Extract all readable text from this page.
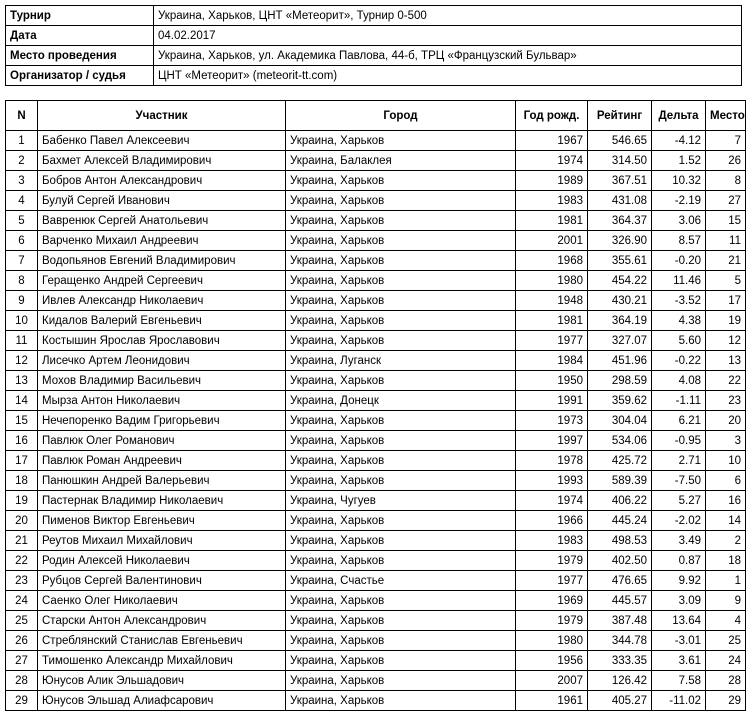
Турнир	Украина, Харьков, ЦНТ «Метеорит», Турнир 0-500
Дата	04.02.2017
Место проведения	Украина, Харьков, ул. Академика Павлова, 44-б, ТРЦ «Французский Бульвар»
Организатор / судья	ЦНТ «Метеорит» (meteorit-tt.com)
N	Участник	Город	Год рожд.	Рейтинг	Дельта	Место
1	Бабенко Павел Алексеевич	Украина, Харьков	1967	546.65	-4.12	7
2	Бахмет Алексей Владимирович	Украина, Балаклея	1974	314.50	1.52	26
3	Бобров Антон Александрович	Украина, Харьков	1989	367.51	10.32	8
4	Булуй Сергей Иванович	Украина, Харьков	1983	431.08	-2.19	27
5	Вавренюк Сергей Анатольевич	Украина, Харьков	1981	364.37	3.06	15
6	Варченко Михаил Андреевич	Украина, Харьков	2001	326.90	8.57	11
7	Водопьянов Евгений Владимирович	Украина, Харьков	1968	355.61	-0.20	21
8	Геращенко Андрей Сергеевич	Украина, Харьков	1980	454.22	11.46	5
9	Ивлев Александр Николаевич	Украина, Харьков	1948	430.21	-3.52	17
10	Кидалов Валерий Евгеньевич	Украина, Харьков	1981	364.19	4.38	19
11	Костышин Ярослав Ярославович	Украина, Харьков	1977	327.07	5.60	12
12	Лисечко Артем Леонидович	Украина, Луганск	1984	451.96	-0.22	13
13	Мохов Владимир Васильевич	Украина, Харьков	1950	298.59	4.08	22
14	Мырза Антон Николаевич	Украина, Донецк	1991	359.62	-1.11	23
15	Нечепоренко Вадим Григорьевич	Украина, Харьков	1973	304.04	6.21	20
16	Павлюк Олег Романович	Украина, Харьков	1997	534.06	-0.95	3
17	Павлюк Роман Андреевич	Украина, Харьков	1978	425.72	2.71	10
18	Панюшкин Андрей Валерьевич	Украина, Харьков	1993	589.39	-7.50	6
19	Пастернак Владимир Николаевич	Украина, Чугуев	1974	406.22	5.27	16
20	Пименов Виктор Евгеньевич	Украина, Харьков	1966	445.24	-2.02	14
21	Реутов Михаил Михайлович	Украина, Харьков	1983	498.53	3.49	2
22	Родин Алексей Николаевич	Украина, Харьков	1979	402.50	0.87	18
23	Рубцов Сергей Валентинович	Украина, Счастье	1977	476.65	9.92	1
24	Саенко Олег Николаевич	Украина, Харьков	1969	445.57	3.09	9
25	Старски Антон Александрович	Украина, Харьков	1979	387.48	13.64	4
26	Стреблянский Станислав Евгеньевич	Украина, Харьков	1980	344.78	-3.01	25
27	Тимошенко Александр Михайлович	Украина, Харьков	1956	333.35	3.61	24
28	Юнусов Алик Эльшадович	Украина, Харьков	2007	126.42	7.58	28
29	Юнусов Эльшад Алиафсарович	Украина, Харьков	1961	405.27	-11.02	29
